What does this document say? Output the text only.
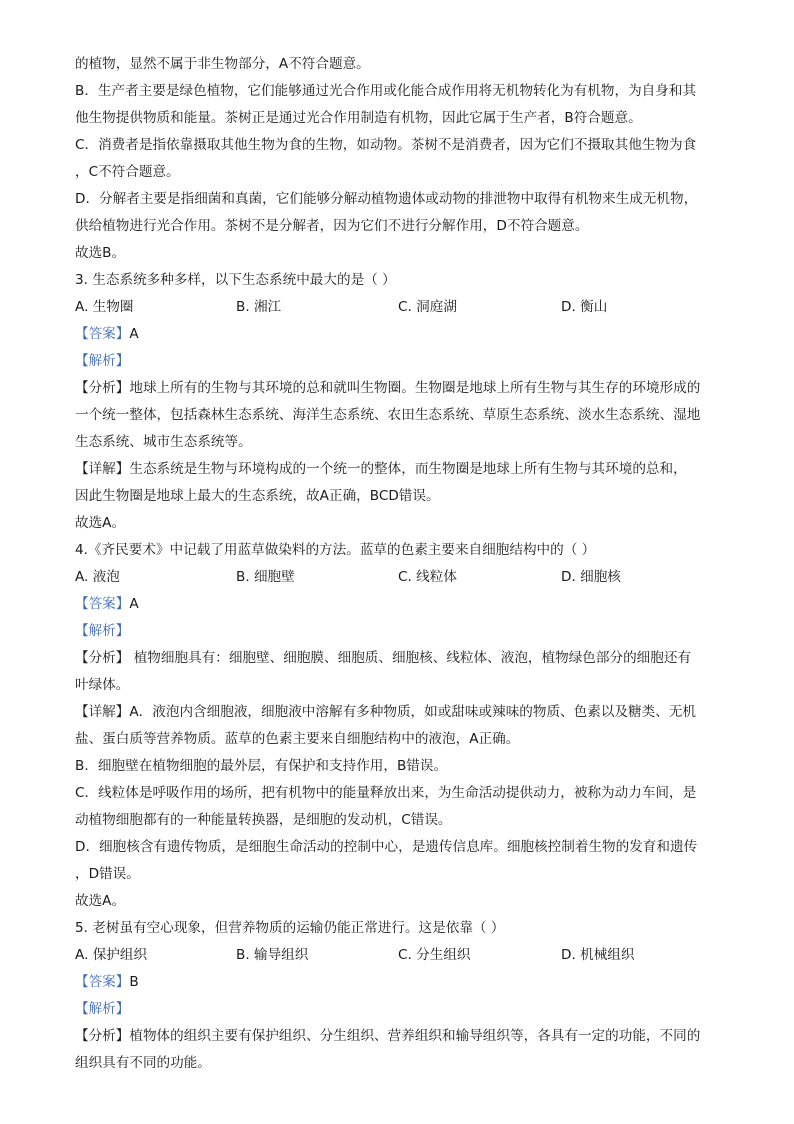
的植物，显然不属于非生物部分，A不符合题意。
B．生产者主要是绿色植物，它们能够通过光合作用或化能合成作用将无机物转化为有机物，为自身和其
他生物提供物质和能量。茶树正是通过光合作用制造有机物，因此它属于生产者，B符合题意。
C．消费者是指依靠摄取其他生物为食的生物，如动物。茶树不是消费者，因为它们不摄取其他生物为食
，C不符合题意。
D．分解者主要是指细菌和真菌，它们能够分解动植物遗体或动物的排泄物中取得有机物来生成无机物，
供给植物进行光合作用。茶树不是分解者，因为它们不进行分解作用，D不符合题意。
故选B。
3. 生态系统多种多样，以下生态系统中最大的是（ ）
A. 生物圈	B. 湘江	C. 洞庭湖	D. 衡山
【答案】A
【解析】
【分析】地球上所有的生物与其环境的总和就叫生物圈。生物圈是地球上所有生物与其生存的环境形成的
一个统一整体，包括森林生态系统、海洋生态系统、农田生态系统、草原生态系统、淡水生态系统、湿地
生态系统、城市生态系统等。
【详解】生态系统是生物与环境构成的一个统一的整体，而生物圈是地球上所有生物与其环境的总和，
因此生物圈是地球上最大的生态系统，故A正确，BCD错误。
故选A。
4.《齐民要术》中记载了用蓝草做染料的方法。蓝草的色素主要来自细胞结构中的（ ）
A. 液泡	B. 细胞壁	C. 线粒体	D. 细胞核
【答案】A
【解析】
【分析】 植物细胞具有：细胞壁、细胞膜、细胞质、细胞核、线粒体、液泡，植物绿色部分的细胞还有
叶绿体。
【详解】A．液泡内含细胞液，细胞液中溶解有多种物质，如或甜味或辣味的物质、色素以及糖类、无机
盐、蛋白质等营养物质。蓝草的色素主要来自细胞结构中的液泡，A正确。
B．细胞壁在植物细胞的最外层，有保护和支持作用，B错误。
C．线粒体是呼吸作用的场所，把有机物中的能量释放出来，为生命活动提供动力，被称为动力车间，是
动植物细胞都有的一种能量转换器，是细胞的发动机，C错误。
D．细胞核含有遗传物质，是细胞生命活动的控制中心，是遗传信息库。细胞核控制着生物的发育和遗传
，D错误。
故选A。
5. 老树虽有空心现象，但营养物质的运输仍能正常进行。这是依靠（ ）
A. 保护组织	B. 输导组织	C. 分生组织	D. 机械组织
【答案】B
【解析】
【分析】植物体的组织主要有保护组织、分生组织、营养组织和输导组织等，各具有一定的功能，不同的
组织具有不同的功能。
